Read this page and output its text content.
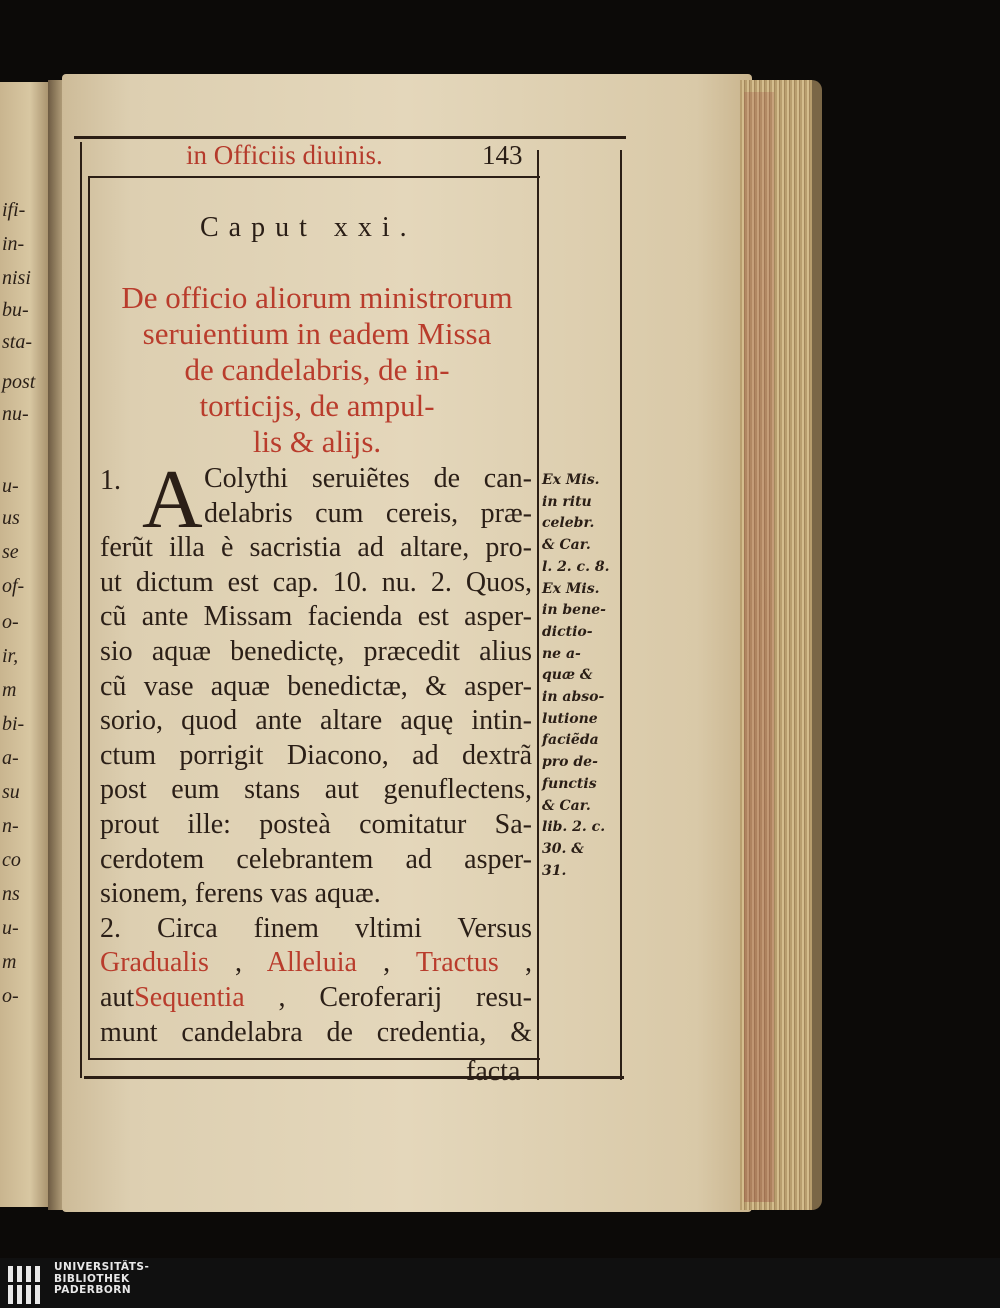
ifi-
in-
nisi
bu-
sta-
post
nu-
u-
us
se
of-
o-
ir,
m
bi-
a-
su
n-
co
ns
u-
m
o-
in Officiis diuinis.	143
Caput xxi.
De officio aliorum ministrorum
seruientium in eadem Missa
de candelabris, de in-
torticijs, de ampul-
lis & alijs.
1. A Colythi seruiẽtes de can-
delabris cum cereis, præ-
ferũt illa è sacristia ad altare, pro-
ut dictum est cap. 10. nu. 2. Quos,
cũ ante Missam facienda est asper-
sio aquæ benedictę, præcedit alius
cũ vase aquæ benedictæ, & asper-
sorio, quod ante altare aquę intin-
ctum porrigit Diacono, ad dextrã
post eum stans aut genuflectens,
prout ille: posteà comitatur Sa-
cerdotem celebrantem ad asper-
sionem, ferens vas aquæ.
2. Circa finem vltimi Versus
Gradualis , Alleluia , Tractus ,
autSequentia , Ceroferarij resu-
munt candelabra de credentia, &
facta
Ex Mis.
in ritu
celebr.
& Car.
l. 2. c. 8.
Ex Mis.
in bene-
dictio-
ne a-
quæ &
in abso-
lutione
faciẽda
pro de-
functis
& Car.
lib. 2. c.
30. &
31.
UNIVERSITÄTS-
BIBLIOTHEK
PADERBORN
